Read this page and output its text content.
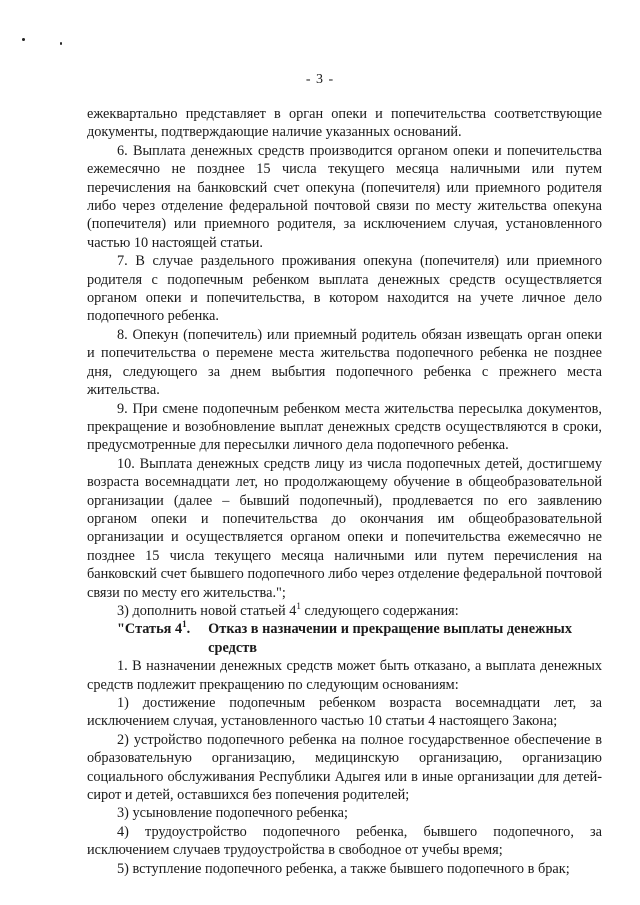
- 3 -

ежеквартально представляет в орган опеки и попечительства соответствующие документы, подтверждающие наличие указанных оснований.

6. Выплата денежных средств производится органом опеки и попечительства ежемесячно не позднее 15 числа текущего месяца наличными или путем перечисления на банковский счет опекуна (попечителя) или приемного родителя либо через отделение федеральной почтовой связи по месту жительства опекуна (попечителя) или приемного родителя, за исключением случая, установленного частью 10 настоящей статьи.

7. В случае раздельного проживания опекуна (попечителя) или приемного родителя с подопечным ребенком выплата денежных средств осуществляется органом опеки и попечительства, в котором находится на учете личное дело подопечного ребенка.

8. Опекун (попечитель) или приемный родитель обязан извещать орган опеки и попечительства о перемене места жительства подопечного ребенка не позднее дня, следующего за днем выбытия подопечного ребенка с прежнего места жительства.

9. При смене подопечным ребенком места жительства пересылка документов, прекращение и возобновление выплат денежных средств осуществляются в сроки, предусмотренные для пересылки личного дела подопечного ребенка.

10. Выплата денежных средств лицу из числа подопечных детей, достигшему возраста восемнадцати лет, но продолжающему обучение в общеобразовательной организации (далее – бывший подопечный), продлевается по его заявлению органом опеки и попечительства до окончания им общеобразовательной организации и осуществляется органом опеки и попечительства ежемесячно не позднее 15 числа текущего месяца наличными или путем перечисления на банковский счет бывшего подопечного либо через отделение федеральной почтовой связи по месту его жительства.";

3) дополнить новой статьей $4^1$ следующего содержания:

"Статья $4^1$. Отказ в назначении и прекращение выплаты денежных средств

1. В назначении денежных средств может быть отказано, а выплата денежных средств подлежит прекращению по следующим основаниям:

1) достижение подопечным ребенком возраста восемнадцати лет, за исключением случая, установленного частью 10 статьи 4 настоящего Закона;

2) устройство подопечного ребенка на полное государственное обеспечение в образовательную организацию, медицинскую организацию, организацию социального обслуживания Республики Адыгея или в иные организации для детей-сирот и детей, оставшихся без попечения родителей;

3) усыновление подопечного ребенка;

4) трудоустройство подопечного ребенка, бывшего подопечного, за исключением случаев трудоустройства в свободное от учебы время;

5) вступление подопечного ребенка, а также бывшего подопечного в брак;
